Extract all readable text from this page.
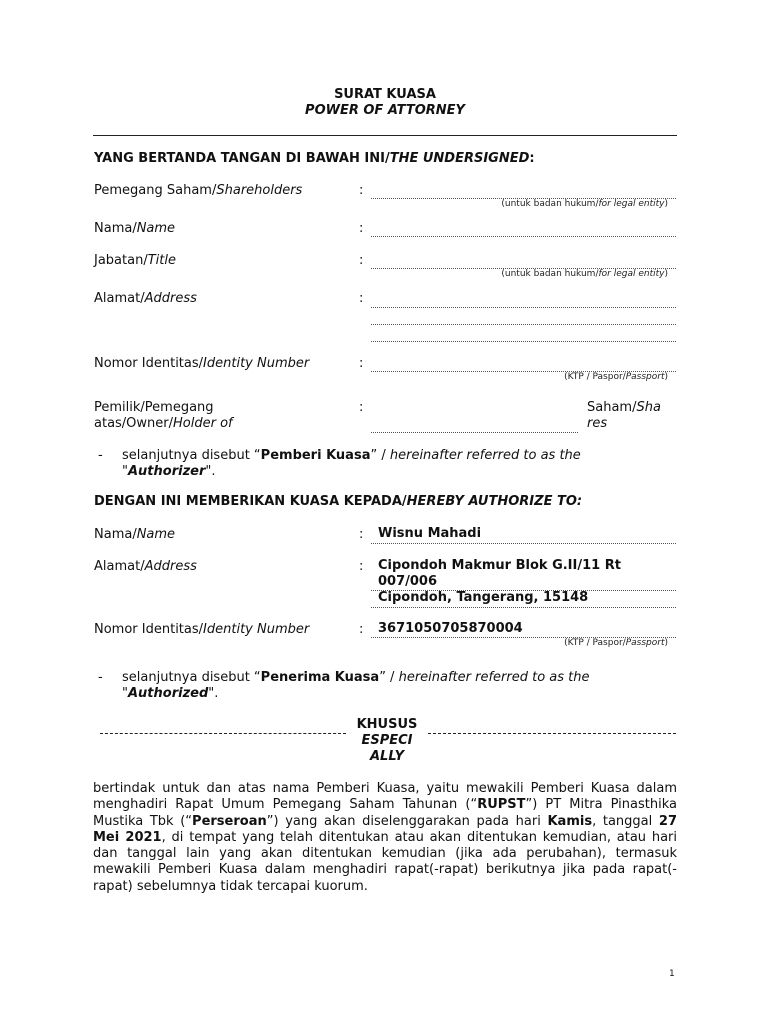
SURAT KUASA
POWER OF ATTORNEY
YANG BERTANDA TANGAN DI BAWAH INI/THE UNDERSIGNED:
Pemegang Saham/Shareholders	:
(untuk badan hukum/for legal entity)
Nama/Name	:
Jabatan/Title	:
(untuk badan hukum/for legal entity)
Alamat/Address	:
Nomor Identitas/Identity Number	:
(KTP / Paspor/Passport)
Pemilik/Pemegang
atas/Owner/Holder of
:	Saham/Sha
res
- selanjutnya disebut “Pemberi Kuasa” / hereinafter referred to as the
"Authorizer".
DENGAN INI MEMBERIKAN KUASA KEPADA/HEREBY AUTHORIZE TO:
Nama/Name	: Wisnu Mahadi
Alamat/Address	: Cipondoh Makmur Blok G.II/11 Rt
007/006
Cipondoh, Tangerang, 15148
Nomor Identitas/Identity Number	: 3671050705870004
(KTP / Paspor/Passport)
- selanjutnya disebut “Penerima Kuasa” / hereinafter referred to as the
"Authorized".
KHUSUS
ESPECI
ALLY
bertindak untuk dan atas nama Pemberi Kuasa, yaitu mewakili Pemberi Kuasa dalam menghadiri Rapat Umum Pemegang Saham Tahunan (“RUPST”) PT Mitra Pinasthika Mustika Tbk (“Perseroan”) yang akan diselenggarakan pada hari Kamis, tanggal 27 Mei 2021, di tempat yang telah ditentukan atau akan ditentukan kemudian, atau hari dan tanggal lain yang akan ditentukan kemudian (jika ada perubahan), termasuk mewakili Pemberi Kuasa dalam menghadiri rapat(-rapat) berikutnya jika pada rapat(-rapat) sebelumnya tidak tercapai kuorum.
1
